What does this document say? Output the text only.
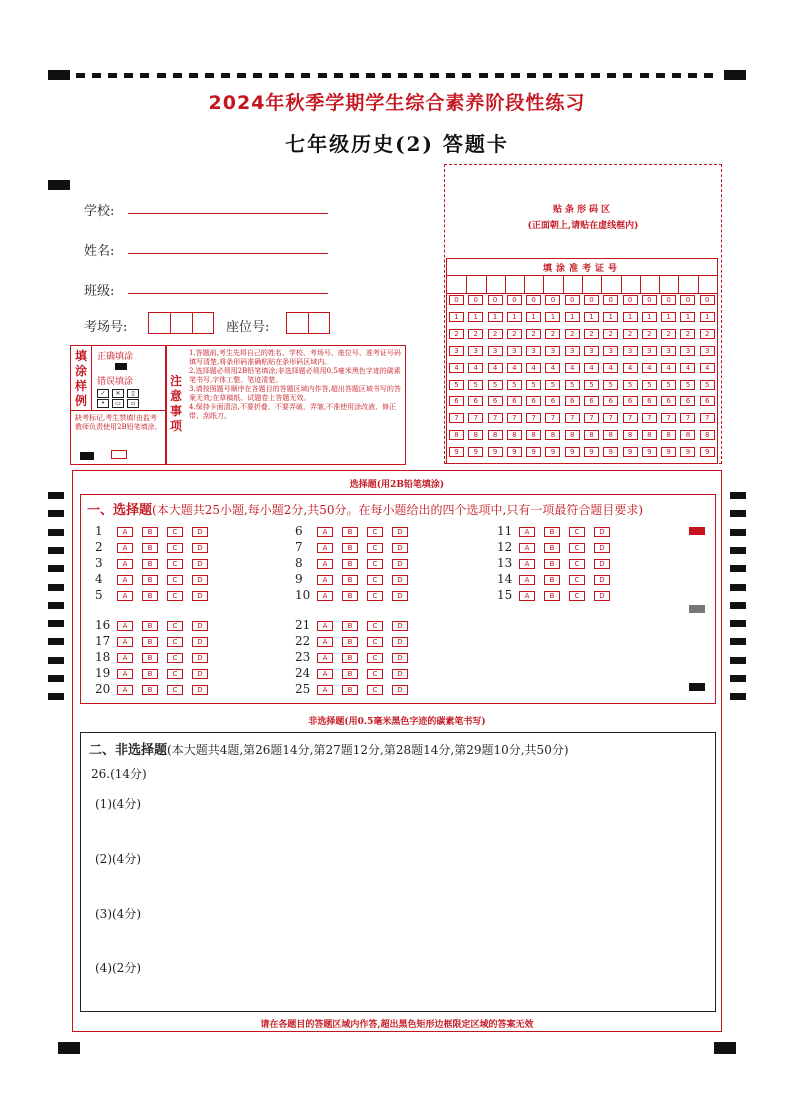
2024年秋季学期学生综合素养阶段性练习
七年级历史(2) 答题卡
学校:
姓名:
班级:
考场号:	座位号:
贴条形码区
(正面朝上,请贴在虚线框内)
填涂准考证号
0	0	0	0	0	0	0	0	0	0	0	0	0	0
1	1	1	1	1	1	1	1	1	1	1	1	1	1
2	2	2	2	2	2	2	2	2	2	2	2	2	2
3	3	3	3	3	3	3	3	3	3	3	3	3	3
4	4	4	4	4	4	4	4	4	4	4	4	4	4
5	5	5	5	5	5	5	5	5	5	5	5	5	5
6	6	6	6	6	6	6	6	6	6	6	6	6	6
7	7	7	7	7	7	7	7	7	7	7	7	7	7
8	8	8	8	8	8	8	8	8	8	8	8	8	8
9	9	9	9	9	9	9	9	9	9	9	9	9	9
填
涂
样
例
正确填涂
错误填涂
✓ ✕ ▯
• ▭ ▫
缺考标记,考生禁填!由监考教师负责使用2B铅笔填涂。
注
意
事
项
1.答题前,考生先将自己的姓名、学校、考场号、座位号、准考证号码填写清楚,将条形码准确粘贴在条形码区域内。
2.选择题必须用2B铅笔填涂;非选择题必须用0.5毫米黑色字迹的碳素笔书写,字体工整、笔迹清楚。
3.请按照题号顺序在各题目的答题区域内作答,超出答题区域书写的答案无效;在草稿纸、试题卷上答题无效。
4.保持卡面清洁,不要折叠、不要弄破、弄皱,不准使用涂改液、修正带、刮纸刀。
选择题(用2B铅笔填涂)
一、选择题(本大题共25小题,每小题2分,共50分。在每小题给出的四个选项中,只有一项最符合题目要求)
1	A	B	C	D
2	A	B	C	D
3	A	B	C	D
4	A	B	C	D
5	A	B	C	D
6	A	B	C	D
7	A	B	C	D
8	A	B	C	D
9	A	B	C	D
10 A	B	C	D
11 A	B	C	D
12 A	B	C	D
13 A	B	C	D
14 A	B	C	D
15 A	B	C	D
16 A	B	C	D
17 A	B	C	D
18 A	B	C	D
19 A	B	C	D
20 A	B	C	D
21 A	B	C	D
22 A	B	C	D
23 A	B	C	D
24 A	B	C	D
25 A	B	C	D
非选择题(用0.5毫米黑色字迹的碳素笔书写)
二、非选择题(本大题共4题,第26题14分,第27题12分,第28题14分,第29题10分,共50分)
26.(14分)
(1)(4分)
(2)(4分)
(3)(4分)
(4)(2分)
请在各题目的答题区域内作答,超出黑色矩形边框限定区域的答案无效
